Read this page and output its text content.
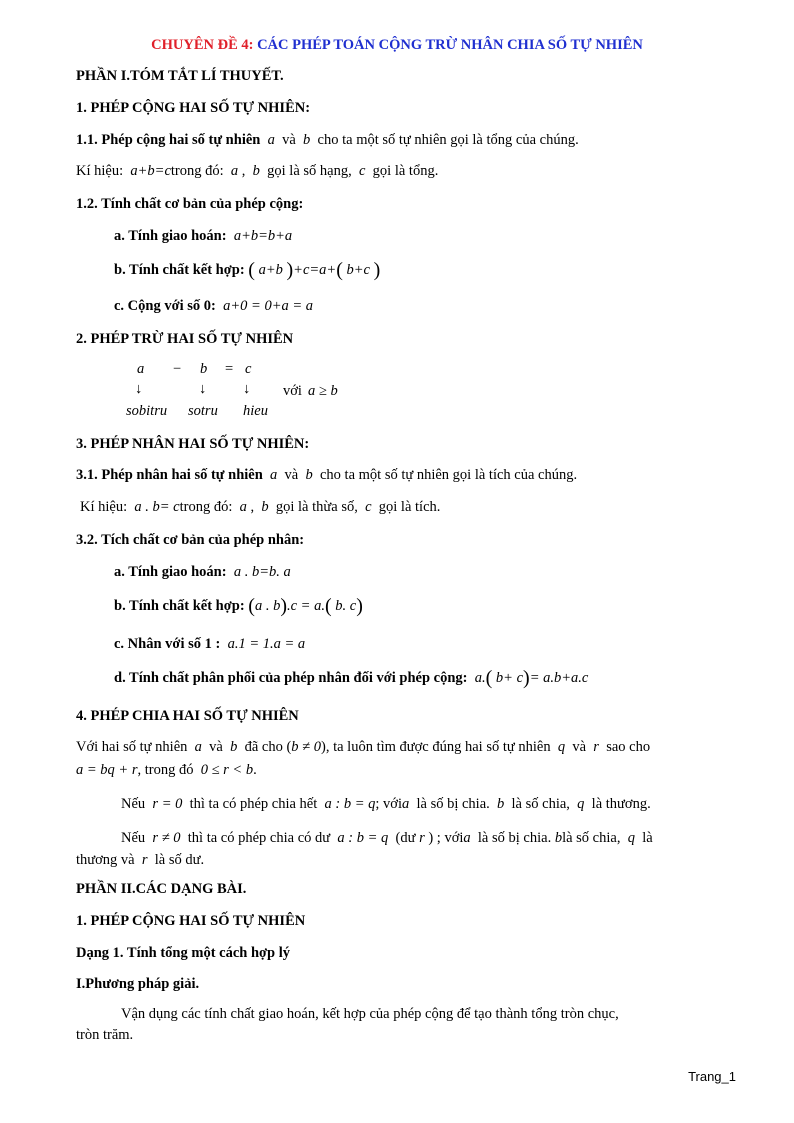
CHUYÊN ĐỀ 4: CÁC PHÉP TOÁN CỘNG TRỪ NHÂN CHIA SỐ TỰ NHIÊN
PHẦN I.TÓM TẮT LÍ THUYẾT.
1. PHÉP CỘNG HAI SỐ TỰ NHIÊN:
1.1. Phép cộng hai số tự nhiên a  và  b cho ta một số tự nhiên gọi là tổng của chúng.
Kí hiệu: a+b=ctrong đó: a ,  b gọi là số hạng, c gọi là tổng.
1.2. Tính chất cơ bản của phép cộng:
a. Tính giao hoán: a+b=b+a
b. Tính chất kết hợp: ( a+b )+c=a+( b+c )
c. Cộng với số 0: a+0 = 0+a = a
2. PHÉP TRỪ HAI SỐ TỰ NHIÊN
a − b = c
↓	↓	↓ với a ≥ b
sobitru sotru hieu
3. PHÉP NHÂN HAI SỐ TỰ NHIÊN:
3.1. Phép nhân hai số tự nhiên a  và  b cho ta một số tự nhiên gọi là tích của chúng.
Kí hiệu: a . b= ctrong đó: a ,  b gọi là thừa số, c gọi là tích.
3.2. Tích chất cơ bản của phép nhân:
a. Tính giao hoán: a . b=b. a
b. Tính chất kết hợp: (a . b).c = a.( b. c)
c. Nhân với số 1 : a.1 = 1.a = a
d. Tính chất phân phối của phép nhân đối với phép cộng: a.( b+ c)= a.b+a.c
4. PHÉP CHIA HAI SỐ TỰ NHIÊN
Với hai số tự nhiên a  và  b đã cho (b ≠ 0), ta luôn tìm được đúng hai số tự nhiên q  và  r sao cho
a = bq + r, trong đó 0 ≤ r < b.
Nếu r = 0 thì ta có phép chia hết a : b = q; vớia là số bị chia. b là số chia, q là thương.
Nếu r ≠ 0 thì ta có phép chia có dư a : b = q (dư r ) ; vớia là số bị chia. blà số chia, q là
thương và r là số dư.
PHẦN II.CÁC DẠNG BÀI.
1. PHÉP CỘNG HAI SỐ TỰ NHIÊN
Dạng 1. Tính tổng một cách hợp lý
I.Phương pháp giải.
Vận dụng các tính chất giao hoán, kết hợp của phép cộng để tạo thành tổng tròn chục,
tròn trăm.
Trang_1
